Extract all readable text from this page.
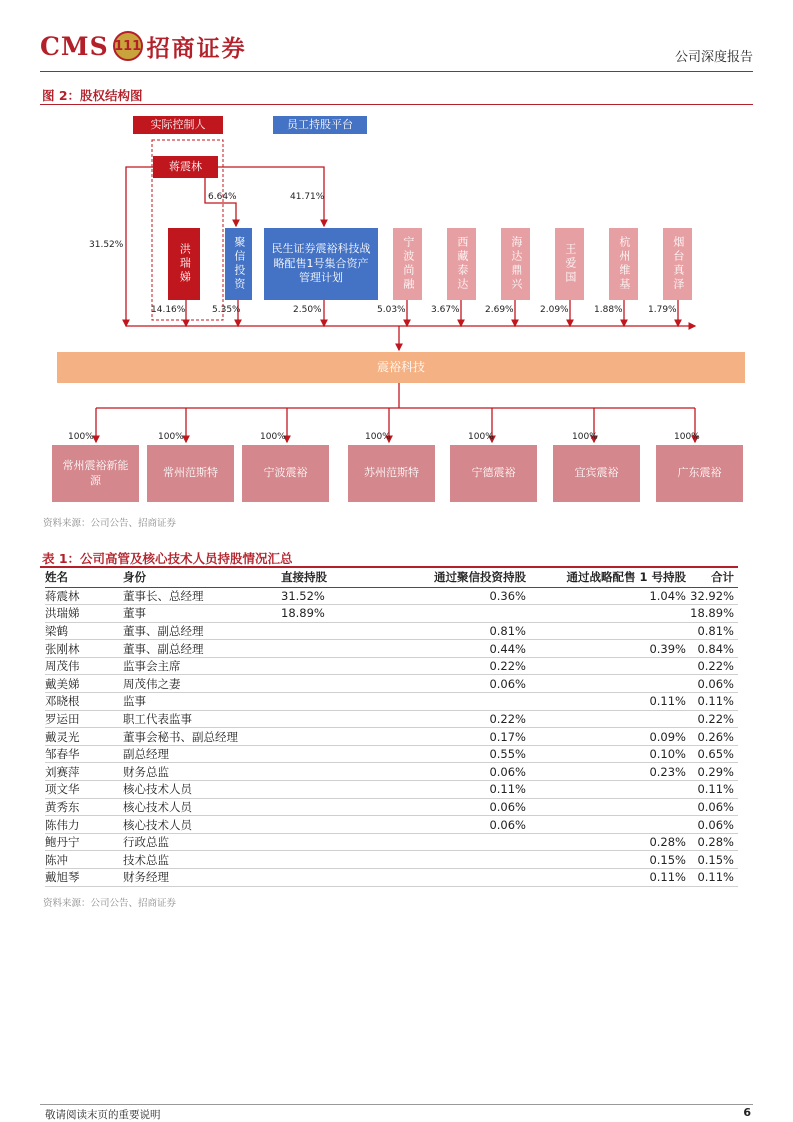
CMS 111 招商证券	公司深度报告
图 2：股权结构图
实际控制人	员工持股平台
蒋震林
洪瑞娣	聚信投资	民生证券震裕科技战略配售1号集合资产管理计划	宁波尚融	西藏泰达	海达鼎兴	王爱国	杭州维基	烟台真泽
31.52%
6.64%	41.71%
14.16%	5.35%	2.50%	5.03%	3.67%	2.69%	2.09%	1.88%	1.79%
震裕科技
100%	100%	100%	100%	100%	100%	100%
常州震裕新能源
常州范斯特	宁波震裕	苏州范斯特	宁德震裕	宜宾震裕	广东震裕
资料来源：公司公告、招商证券
表 1：公司高管及核心技术人员持股情况汇总
姓名	身份	直接持股	通过聚信投资持股	通过战略配售 1 号持股	合计
蒋震林	董事长、总经理	31.52%	0.36%	1.04%	32.92%
洪瑞娣	董事	18.89%			18.89%
梁鹤	董事、副总经理		0.81%		0.81%
张刚林	董事、副总经理		0.44%	0.39%	0.84%
周茂伟	监事会主席		0.22%		0.22%
戴美娣	周茂伟之妻		0.06%		0.06%
邓晓根	监事			0.11%	0.11%
罗运田	职工代表监事		0.22%		0.22%
戴灵光	董事会秘书、副总经理		0.17%	0.09%	0.26%
邹春华	副总经理		0.55%	0.10%	0.65%
刘赛萍	财务总监		0.06%	0.23%	0.29%
项文华	核心技术人员		0.11%		0.11%
黄秀东	核心技术人员		0.06%		0.06%
陈伟力	核心技术人员		0.06%		0.06%
鲍丹宁	行政总监			0.28%	0.28%
陈冲	技术总监			0.15%	0.15%
戴旭琴	财务经理			0.11%	0.11%
资料来源：公司公告、招商证券
敬请阅读末页的重要说明	6
